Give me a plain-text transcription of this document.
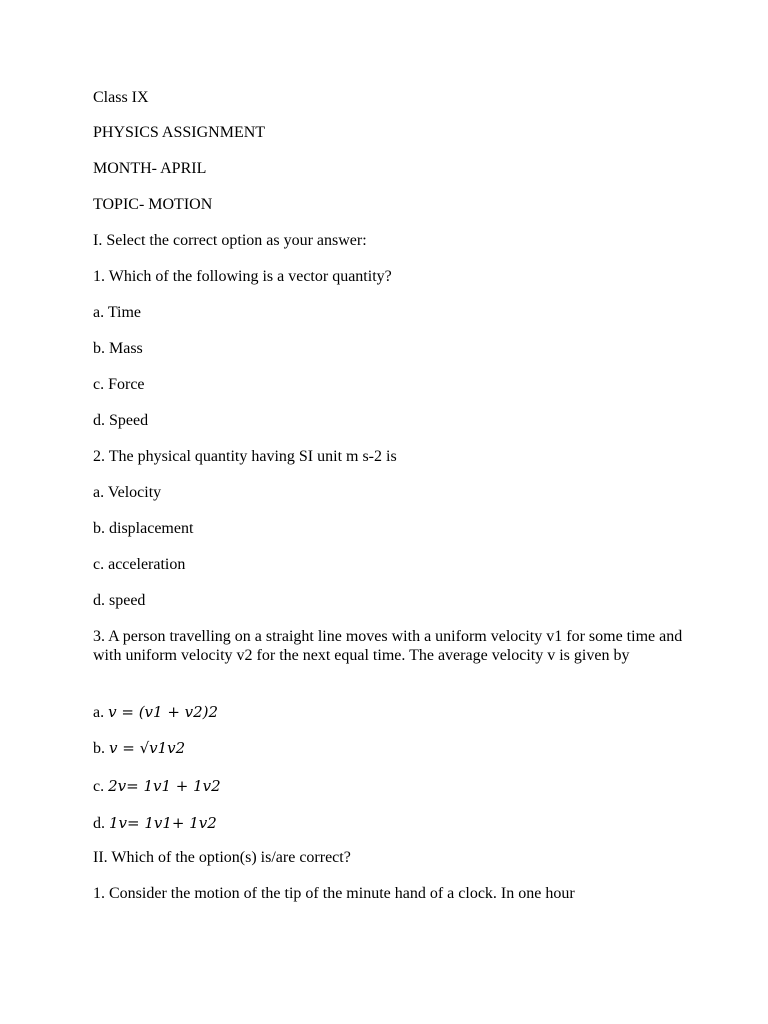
Class IX

PHYSICS ASSIGNMENT

MONTH- APRIL

TOPIC- MOTION

I. Select the correct option as your answer:

1. Which of the following is a vector quantity?

a. Time

b. Mass

c. Force

d. Speed

2. The physical quantity having SI unit m s-2 is

a. Velocity

b. displacement

c. acceleration

d. speed

3. A person travelling on a straight line moves with a uniform velocity v1 for some time and with uniform velocity v2 for the next equal time. The average velocity v is given by

a. 𝑣 = (𝑣1 + 𝑣2)2

b. 𝑣 = √𝑣1𝑣2

c. 2𝑣= 1𝑣1 + 1𝑣2

d. 1𝑣= 1𝑣1+ 1𝑣2

II. Which of the option(s) is/are correct?

1. Consider the motion of the tip of the minute hand of a clock. In one hour
